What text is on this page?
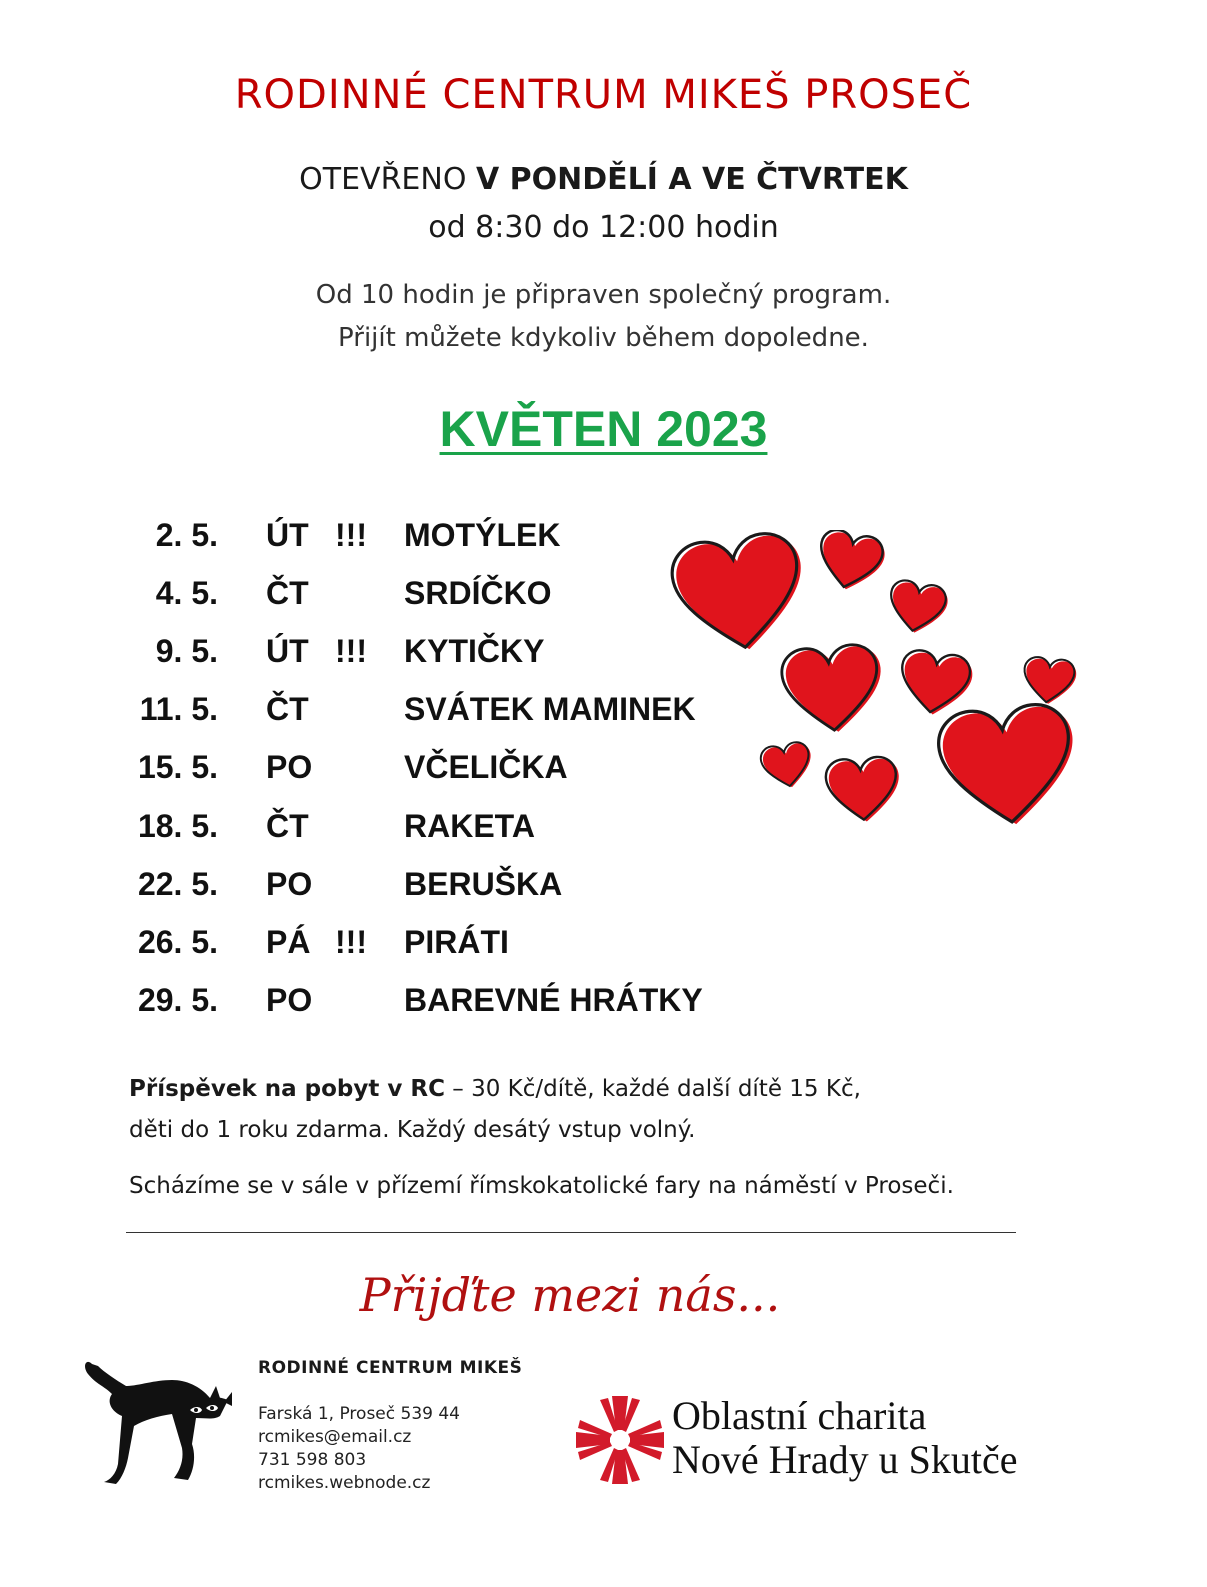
RODINNÉ CENTRUM MIKEŠ PROSEČ
OTEVŘENO V PONDĚLÍ A VE ČTVRTEK
od 8:30 do 12:00 hodin
Od 10 hodin je připraven společný program.
Přijít můžete kdykoliv během dopoledne.
KVĚTEN 2023
2. 5. ÚT !!! MOTÝLEK
4. 5. ČT	SRDÍČKO
9. 5. ÚT !!! KYTIČKY
11. 5. ČT	SVÁTEK MAMINEK
15. 5. PO	VČELIČKA
18. 5. ČT	RAKETA
22. 5. PO	BERUŠKA
26. 5. PÁ !!! PIRÁTI
29. 5. PO	BAREVNÉ HRÁTKY
Příspěvek na pobyt v RC – 30 Kč/dítě, každé další dítě 15 Kč,
děti do 1 roku zdarma. Každý desátý vstup volný.
Scházíme se v sále v přízemí římskokatolické fary na náměstí v Proseči.
Přijďte mezi nás...
RODINNÉ CENTRUM MIKEŠ
Farská 1, Proseč 539 44
rcmikes@email.cz
731 598 803
rcmikes.webnode.cz
Oblastní charita
Nové Hrady u Skutče
